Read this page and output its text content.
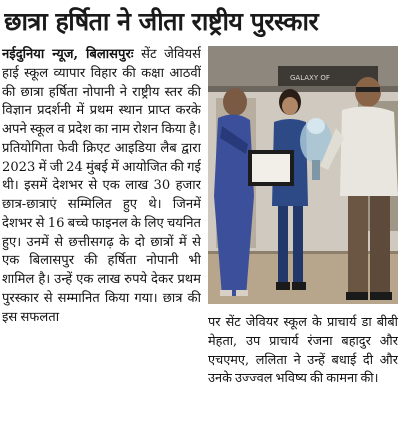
छात्रा हर्षिता ने जीता राष्ट्रीय पुरस्कार

नईदुनिया न्यूज, बिलासपुरः सेंट जेवियर्स हाई स्कूल व्यापार विहार की कक्षा आठवीं की छात्रा हर्षिता नोपानी ने राष्ट्रीय स्तर की विज्ञान प्रदर्शनी में प्रथम स्थान प्राप्त करके अपने स्कूल व प्रदेश का नाम रोशन किया है। प्रतियोगिता फेवी क्रिएट आइडिया लैब द्वारा 2023 में जी 24 मुंबई में आयोजित की गई थी। इसमें देशभर से एक लाख 30 हजार छात्र-छात्राएं सम्मिलित हुए थे। जिनमें देशभर से 16 बच्चे फाइनल के लिए चयनित हुए। उनमें से छत्तीसगढ़ के दो छात्रों में से एक बिलासपुर की हर्षिता नोपानी भी शामिल है। उन्हें एक लाख रुपये देकर प्रथम पुरस्कार से सम्मानित किया गया। छात्र की इस सफलता

GALAXY OF

पर सेंट जेवियर स्कूल के प्राचार्य डा बीबी मेहता, उप प्राचार्य रंजना बहादुर और एचएमए, ललिता ने उन्हें बधाई दी और उनके उज्ज्वल भविष्य की कामना की।
